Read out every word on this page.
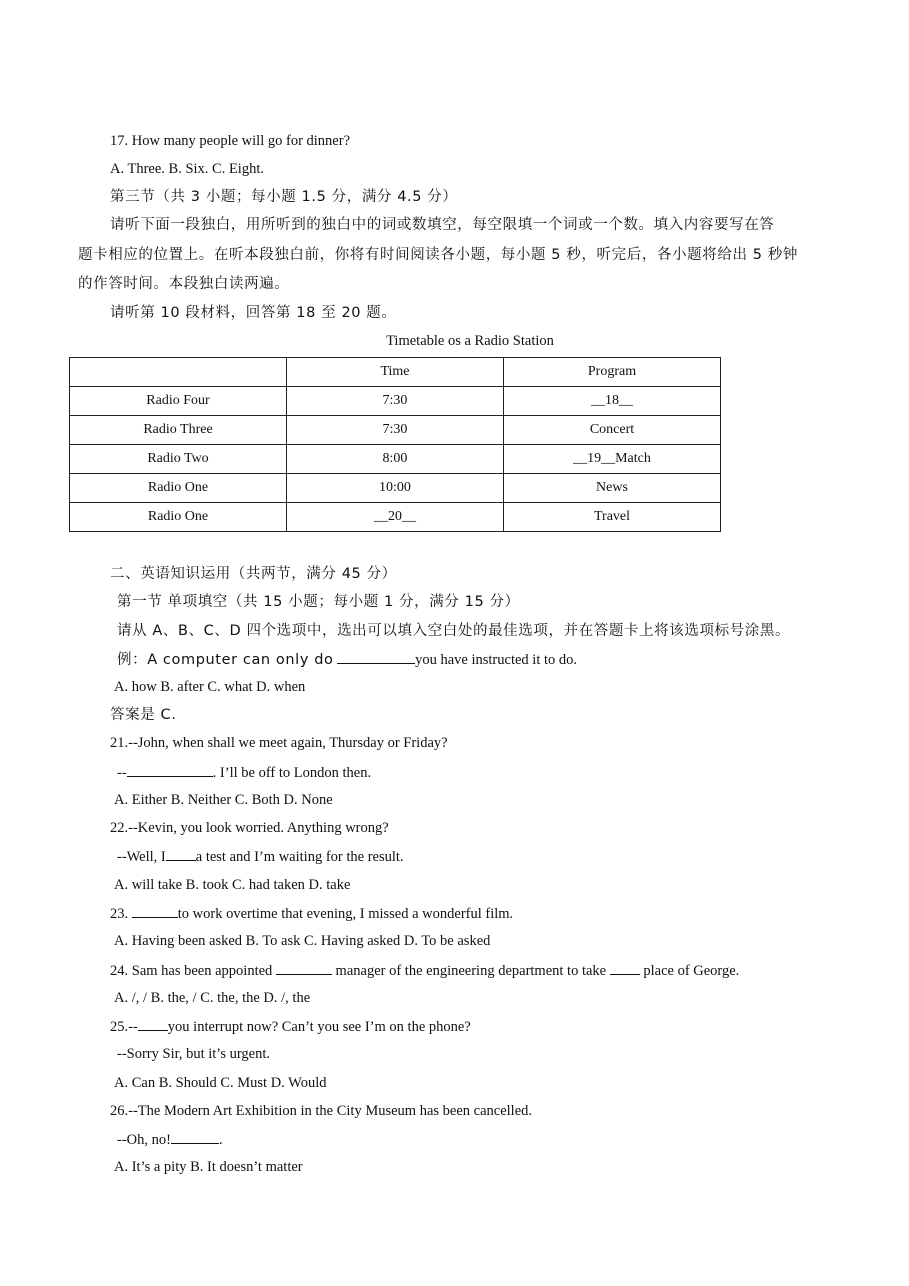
17. How many people will go for dinner?
A. Three. B. Six. C. Eight.
第三节（共 3 小题；每小题 1.5 分，满分 4.5 分）
请听下面一段独白，用所听到的独白中的词或数填空，每空限填一个词或一个数。填入内容要写在答
题卡相应的位置上。在听本段独白前，你将有时间阅读各小题，每小题 5 秒，听完后，各小题将给出 5 秒钟
的作答时间。本段独白读两遍。
请听第 10 段材料，回答第 18 至 20 题。
Timetable os a Radio Station
	Time	Program
Radio Four	7:30	__18__
Radio Three	7:30	Concert
Radio Two	8:00	__19__Match
Radio One	10:00	News
Radio One	__20__	Travel
二、英语知识运用（共两节，满分 45 分）
第一节 单项填空（共 15 小题；每小题 1 分，满分 15 分）
请从 A、B、C、D 四个选项中，选出可以填入空白处的最佳选项，并在答题卡上将该选项标号涂黑。
例：A computer can only do	you have instructed it to do.
A. how B. after C. what D. when
答案是 C.
21.--John, when shall we meet again, Thursday or Friday?
--	. I’ll be off to London then.
A. Either B. Neither C. Both D. None
22.--Kevin, you look worried. Anything wrong?
--Well, I a test and I’m waiting for the result.
A. will take B. took C. had taken D. take
23.	to work overtime that evening, I missed a wonderful film.
A. Having been asked B. To ask C. Having asked D. To be asked
24. Sam has been appointed	manager of the engineering department to take	place of George.
A. /, / B. the, / C. the, the D. /, the
25.-- you interrupt now? Can’t you see I’m on the phone?
--Sorry Sir, but it’s urgent.
A. Can B. Should C. Must D. Would
26.--The Modern Art Exhibition in the City Museum has been cancelled.
--Oh, no!	.
A. It’s a pity B. It doesn’t matter
